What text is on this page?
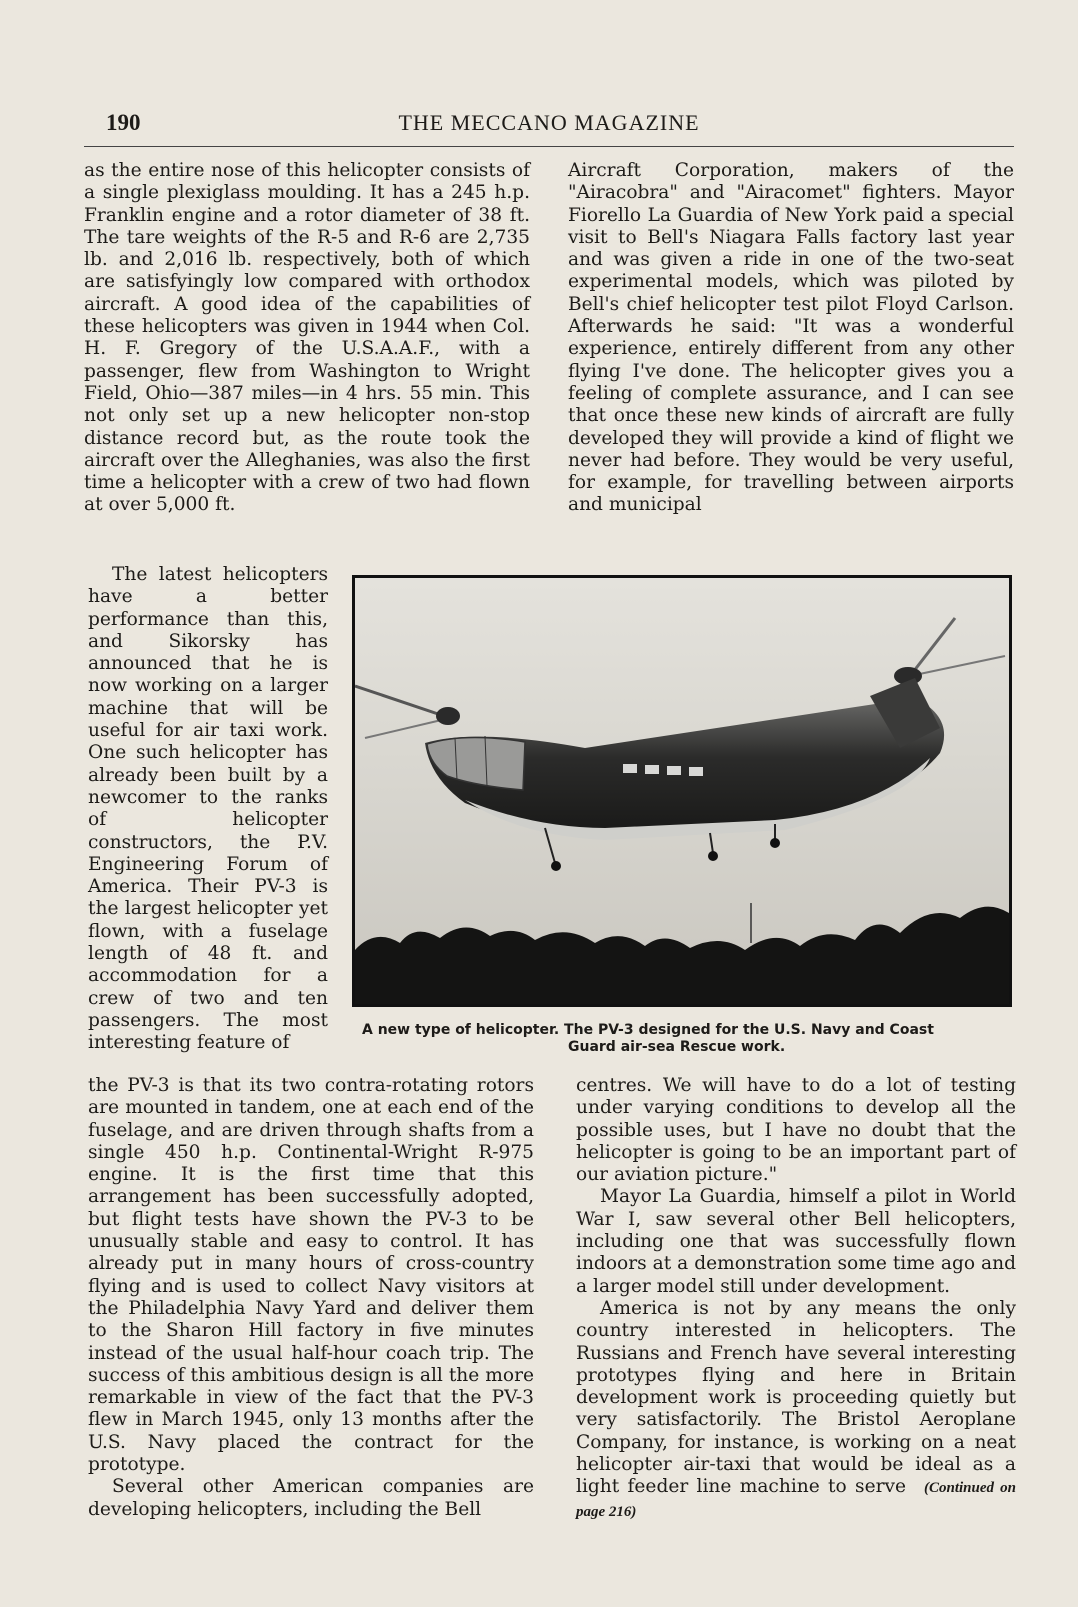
190	THE MECCANO MAGAZINE

as the entire nose of this helicopter consists of a single plexiglass moulding. It has a 245 h.p. Franklin engine and a rotor diameter of 38 ft. The tare weights of the R-5 and R-6 are 2,735 lb. and 2,016 lb. respectively, both of which are satisfyingly low compared with orthodox aircraft. A good idea of the capabilities of these helicopters was given in 1944 when Col. H. F. Gregory of the U.S.A.A.F., with a passenger, flew from Washington to Wright Field, Ohio—387 miles—in 4 hrs. 55 min. This not only set up a new helicopter non-stop distance record but, as the route took the aircraft over the Alleghanies, was also the first time a helicopter with a crew of two had flown at over 5,000 ft.

Aircraft Corporation, makers of the "Airacobra" and "Airacomet" fighters. Mayor Fiorello La Guardia of New York paid a special visit to Bell's Niagara Falls factory last year and was given a ride in one of the two-seat experimental models, which was piloted by Bell's chief helicopter test pilot Floyd Carlson. Afterwards he said: "It was a wonderful experience, entirely different from any other flying I've done. The helicopter gives you a feeling of complete assurance, and I can see that once these new kinds of aircraft are fully developed they will provide a kind of flight we never had before. They would be very useful, for example, for travelling between airports and municipal

The latest helicopters have a better performance than this, and Sikorsky has announced that he is now working on a larger machine that will be useful for air taxi work. One such helicopter has already been built by a newcomer to the ranks of helicopter constructors, the P.V. Engineering Forum of America. Their PV-3 is the largest helicopter yet flown, with a fuselage length of 48 ft. and accommodation for a crew of two and ten passengers. The most interesting feature of

A new type of helicopter. The PV-3 designed for the U.S. Navy and Coast
Guard air-sea Rescue work.

the PV-3 is that its two contra-rotating rotors are mounted in tandem, one at each end of the fuselage, and are driven through shafts from a single 450 h.p. Continental-Wright R-975 engine. It is the first time that this arrangement has been successfully adopted, but flight tests have shown the PV-3 to be unusually stable and easy to control. It has already put in many hours of cross-country flying and is used to collect Navy visitors at the Philadelphia Navy Yard and deliver them to the Sharon Hill factory in five minutes instead of the usual half-hour coach trip. The success of this ambitious design is all the more remarkable in view of the fact that the PV-3 flew in March 1945, only 13 months after the U.S. Navy placed the contract for the prototype.

Several other American companies are developing helicopters, including the Bell

centres. We will have to do a lot of testing under varying conditions to develop all the possible uses, but I have no doubt that the helicopter is going to be an important part of our aviation picture."

Mayor La Guardia, himself a pilot in World War I, saw several other Bell helicopters, including one that was successfully flown indoors at a demonstration some time ago and a larger model still under development.

America is not by any means the only country interested in helicopters. The Russians and French have several interesting prototypes flying and here in Britain development work is proceeding quietly but very satisfactorily. The Bristol Aeroplane Company, for instance, is working on a neat helicopter air-taxi that would be ideal as a light feeder line machine to serve (Continued on page 216)
